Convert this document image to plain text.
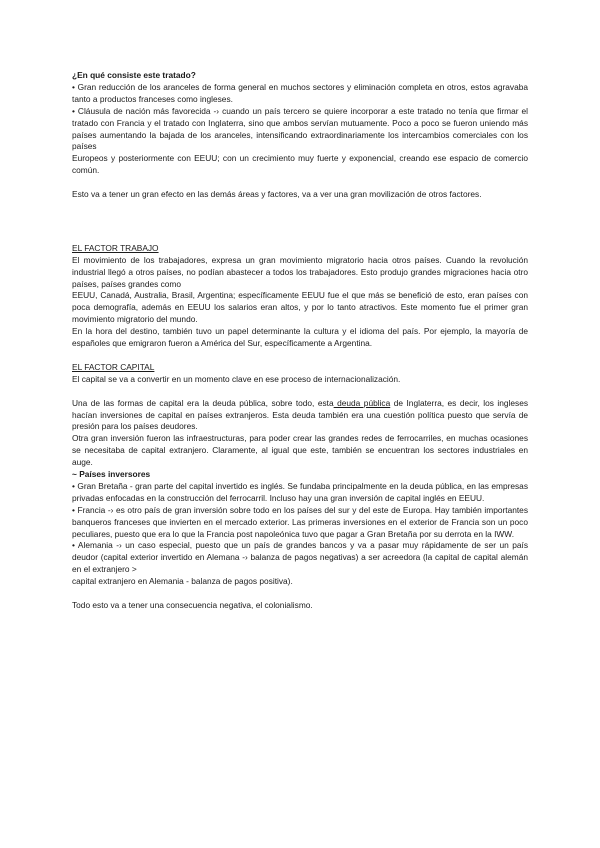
¿En qué consiste este tratado?

• Gran reducción de los aranceles de forma general en muchos sectores y eliminación completa en otros, estos agravaba tanto a productos franceses como ingleses.

• Cláusula de nación más favorecida -› cuando un país tercero se quiere incorporar a este tratado no tenía que firmar el tratado con Francia y el tratado con Inglaterra, sino que ambos servían mutuamente. Poco a poco se fueron uniendo más países aumentando la bajada de los aranceles, intensificando extraordinariamente los intercambios comerciales con los países

Europeos y posteriormente con EEUU; con un crecimiento muy fuerte y exponencial, creando ese espacio de comercio común.

Esto va a tener un gran efecto en las demás áreas y factores, va a ver una gran movilización de otros factores.

EL FACTOR TRABAJO

El movimiento de los trabajadores, expresa un gran movimiento migratorio hacia otros países. Cuando la revolución industrial llegó a otros países, no podían abastecer a todos los trabajadores. Esto produjo grandes migraciones hacia otro países, países grandes como

EEUU, Canadá, Australia, Brasil, Argentina; específicamente EEUU fue el que más se benefició de esto, eran países con poca demografía, además en EEUU los salarios eran altos, y por lo tanto atractivos. Este momento fue el primer gran movimiento migratorio del mundo.

En la hora del destino, también tuvo un papel determinante la cultura y el idioma del país. Por ejemplo, la mayoría de españoles que emigraron fueron a América del Sur, específicamente a Argentina.

EL FACTOR CAPITAL

El capital se va a convertir en un momento clave en ese proceso de internacionalización.

Una de las formas de capital era la deuda pública, sobre todo, esta deuda pública de Inglaterra, es decir, los ingleses hacían inversiones de capital en países extranjeros. Esta deuda también era una cuestión política puesto que servía de presión para los países deudores.

Otra gran inversión fueron las infraestructuras, para poder crear las grandes redes de ferrocarriles, en muchas ocasiones se necesitaba de capital extranjero. Claramente, al igual que este, también se encuentran los sectores industriales en auge.

~ Países inversores

• Gran Bretaña - gran parte del capital invertido es inglés. Se fundaba principalmente en la deuda pública, en las empresas privadas enfocadas en la construcción del ferrocarril. Incluso hay una gran inversión de capital inglés en EEUU.

• Francia -› es otro país de gran inversión sobre todo en los países del sur y del este de Europa. Hay también importantes banqueros franceses que invierten en el mercado exterior. Las primeras inversiones en el exterior de Francia son un poco peculiares, puesto que era lo que la Francia post napoleónica tuvo que pagar a Gran Bretaña por su derrota en la IWW.

• Alemania -› un caso especial, puesto que un país de grandes bancos y va a pasar muy rápidamente de ser un país deudor (capital exterior invertido en Alemana -› balanza de pagos negativas) a ser acreedora (la capital de capital alemán en el extranjero >

capital extranjero en Alemania - balanza de pagos positiva).

Todo esto va a tener una consecuencia negativa, el colonialismo.
